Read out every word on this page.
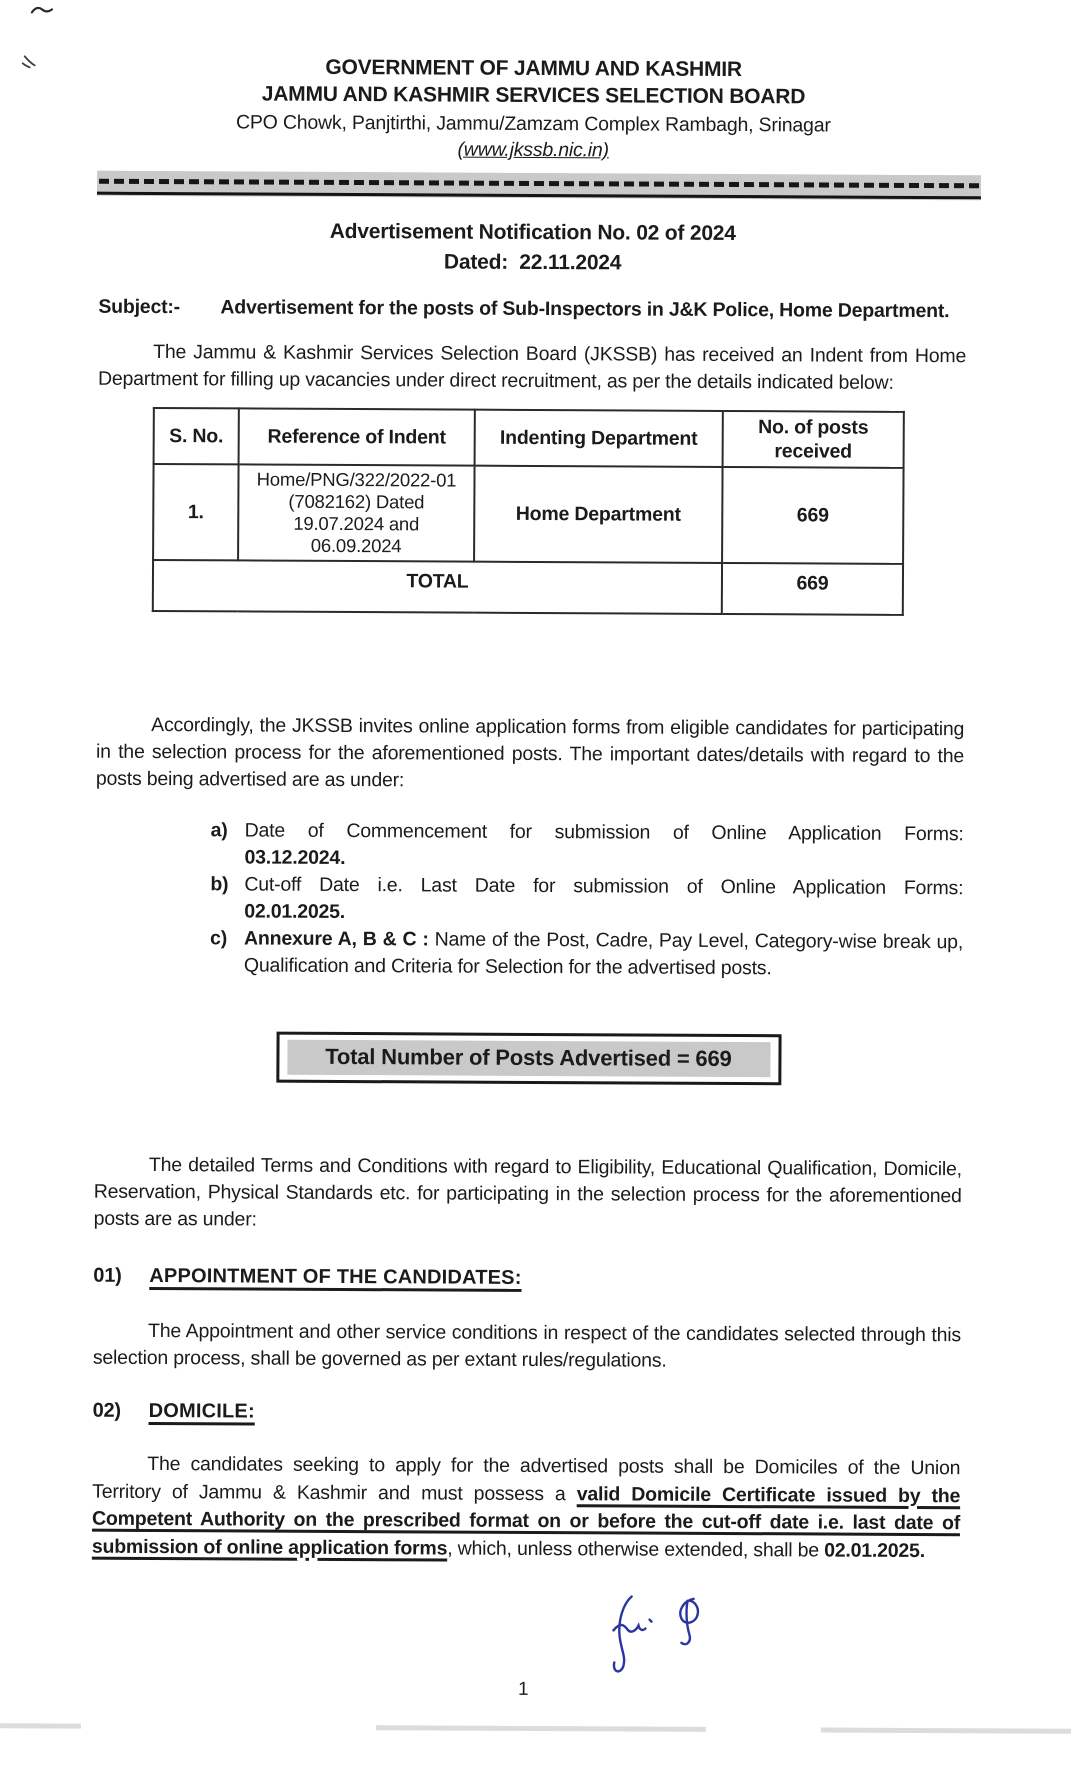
GOVERNMENT OF JAMMU AND KASHMIR
JAMMU AND KASHMIR SERVICES SELECTION BOARD
CPO Chowk, Panjtirthi, Jammu/Zamzam Complex Rambagh, Srinagar
(www.jkssb.nic.in)
Advertisement Notification No. 02 of 2024
Dated:  22.11.2024
Subject:-	Advertisement for the posts of Sub-Inspectors in J&K Police, Home Department.

The Jammu & Kashmir Services Selection Board (JKSSB) has received an Indent from Home Department for filling up vacancies under direct recruitment, as per the details indicated below:

S. No.	Reference of Indent	Indenting Department	No. of posts received
1.	Home/PNG/322/2022-01
(7082162) Dated
19.07.2024 and
06.09.2024	Home Department	669
TOTAL			669

Accordingly, the JKSSB invites online application forms from eligible candidates for participating in the selection process for the aforementioned posts. The important dates/details with regard to the posts being advertised are as under:

a) Date of Commencement for submission of Online Application Forms:
03.12.2024.
b) Cut-off Date i.e. Last Date for submission of Online Application Forms:
02.01.2025.
c) Annexure A, B & C : Name of the Post, Cadre, Pay Level, Category-wise break up, Qualification and Criteria for Selection for the advertised posts.

Total Number of Posts Advertised = 669

The detailed Terms and Conditions with regard to Eligibility, Educational Qualification, Domicile, Reservation, Physical Standards etc. for participating in the selection process for the aforementioned posts are as under:

01)	APPOINTMENT OF THE CANDIDATES:

The Appointment and other service conditions in respect of the candidates selected through this selection process, shall be governed as per extant rules/regulations.

02)	DOMICILE:

The candidates seeking to apply for the advertised posts shall be Domiciles of the Union Territory of Jammu & Kashmir and must possess a valid Domicile Certificate issued by the Competent Authority on the prescribed format on or before the cut-off date i.e. last date of submission of online application forms, which, unless otherwise extended, shall be 02.01.2025.

1
